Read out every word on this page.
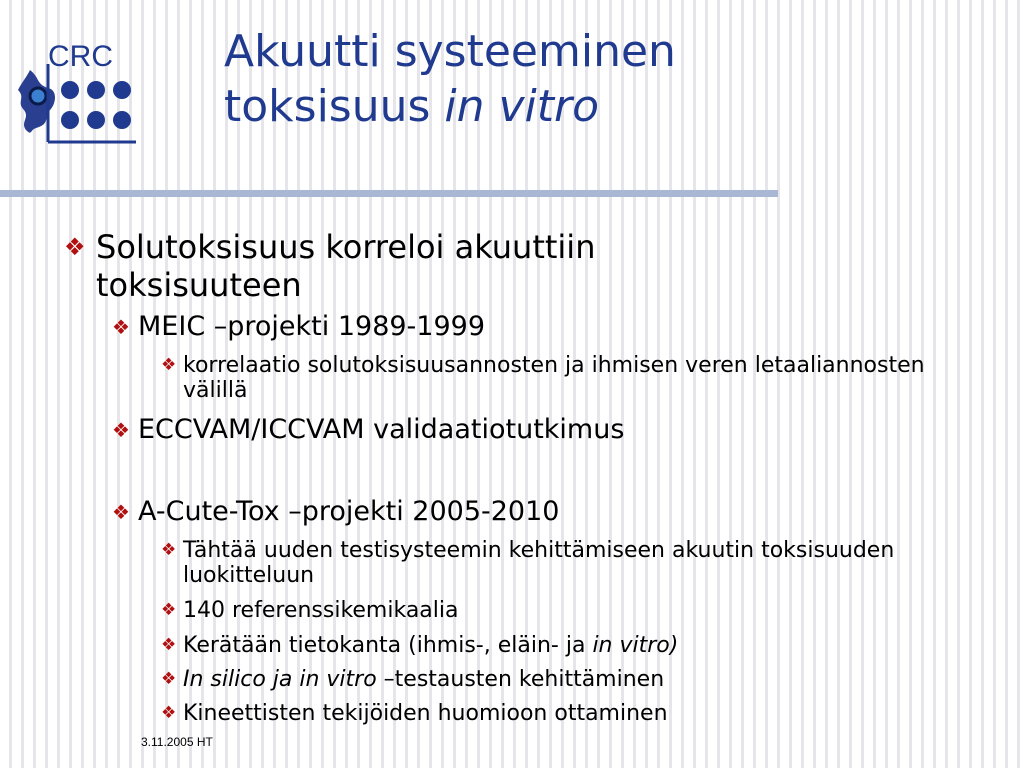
CRC	Akuutti systeeminen
toksisuus in vitro
❖ Solutoksisuus korreloi akuuttiin toksisuuteen
❖ MEIC –projekti 1989-1999
❖ korrelaatio solutoksisuusannosten ja ihmisen veren letaaliannosten välillä
❖ ECCVAM/ICCVAM validaatiotutkimus
❖ A-Cute-Tox –projekti 2005-2010
❖ Tähtää uuden testisysteemin kehittämiseen akuutin toksisuuden luokitteluun
❖ 140 referenssikemikaalia
❖ Kerätään tietokanta (ihmis-, eläin- ja in vitro)
❖ In silico ja in vitro –testausten kehittäminen
❖ Kineettisten tekijöiden huomioon ottaminen
3.11.2005 HT
